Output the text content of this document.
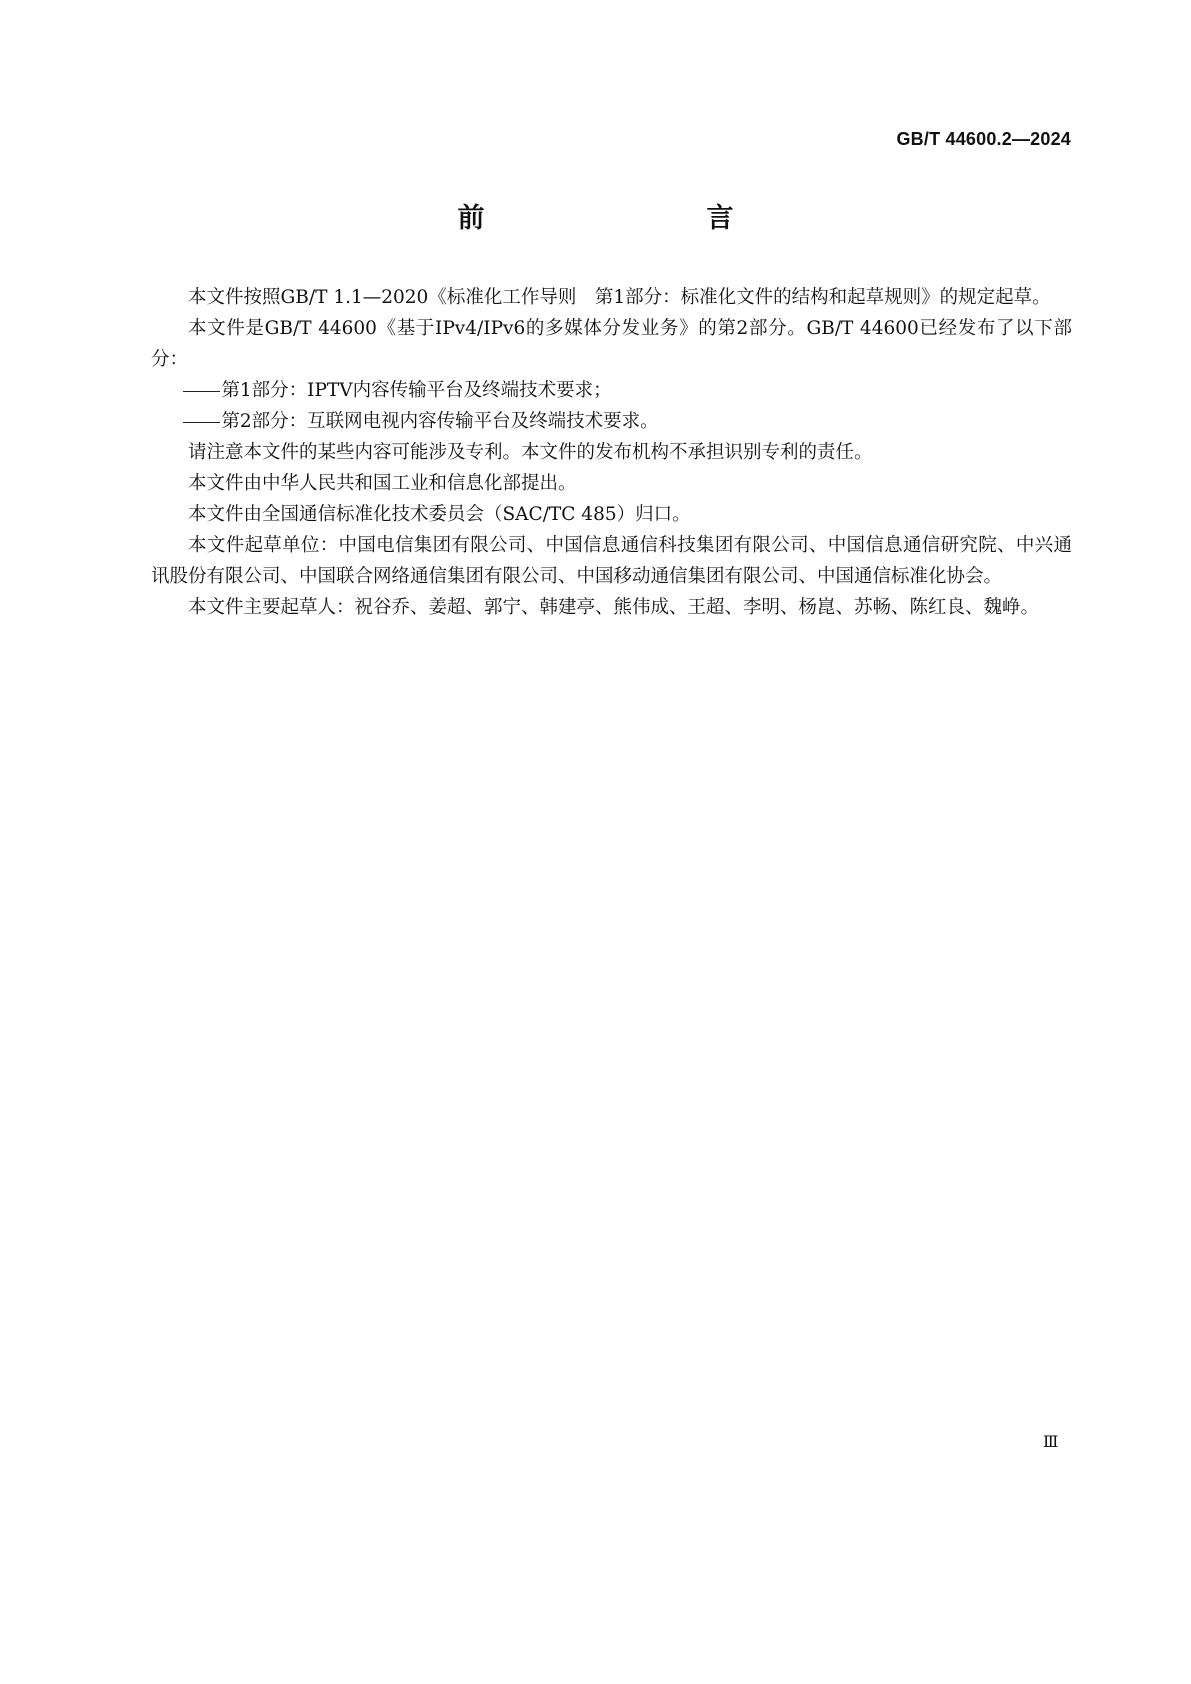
GB/T 44600.2—2024
前　　言

本文件按照GB/T 1.1—2020《标准化工作导则　第1部分：标准化文件的结构和起草规则》的规定起草。

本文件是GB/T 44600《基于IPv4/IPv6的多媒体分发业务》的第2部分。GB/T 44600已经发布了以下部分：

第1部分：IPTV内容传输平台及终端技术要求；

第2部分：互联网电视内容传输平台及终端技术要求。

请注意本文件的某些内容可能涉及专利。本文件的发布机构不承担识别专利的责任。

本文件由中华人民共和国工业和信息化部提出。

本文件由全国通信标准化技术委员会（SAC/TC 485）归口。

本文件起草单位：中国电信集团有限公司、中国信息通信科技集团有限公司、中国信息通信研究院、中兴通讯股份有限公司、中国联合网络通信集团有限公司、中国移动通信集团有限公司、中国通信标准化协会。

本文件主要起草人：祝谷乔、姜超、郭宁、韩建亭、熊伟成、王超、李明、杨崑、苏畅、陈红良、魏峥。

Ⅲ
